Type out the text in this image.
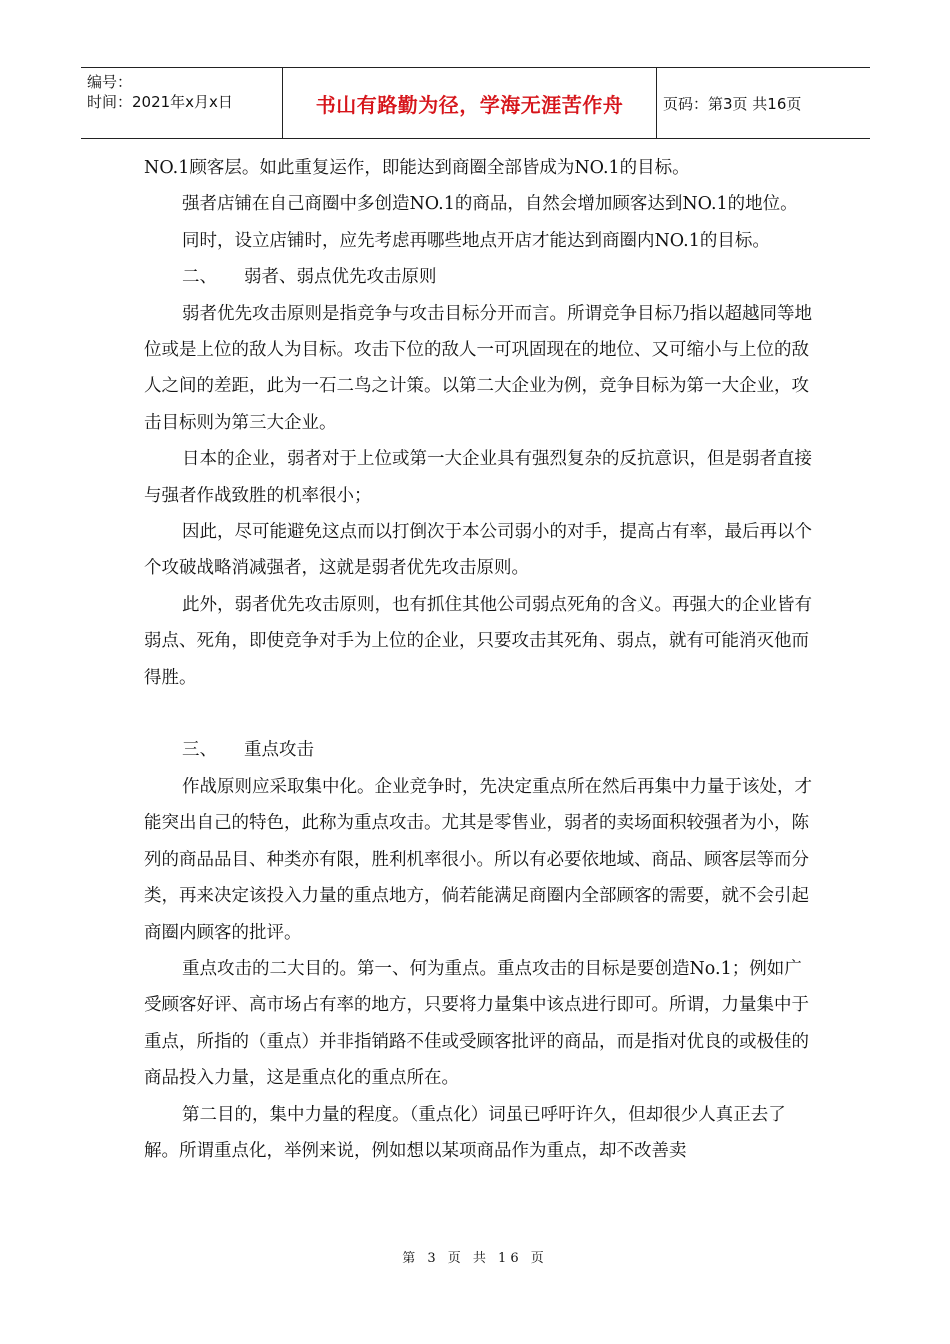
编号：
时间：2021年x月x日	书山有路勤为径，学海无涯苦作舟	页码：第3页 共16页

NO.1顾客层。如此重复运作，即能达到商圈全部皆成为NO.1的目标。

强者店铺在自己商圈中多创造NO.1的商品，自然会增加顾客达到NO.1的地位。

同时，设立店铺时，应先考虑再哪些地点开店才能达到商圈内NO.1的目标。

二、 弱者、弱点优先攻击原则

弱者优先攻击原则是指竞争与攻击目标分开而言。所谓竞争目标乃指以超越同等地位或是上位的敌人为目标。攻击下位的敌人一可巩固现在的地位、又可缩小与上位的敌人之间的差距，此为一石二鸟之计策。以第二大企业为例，竞争目标为第一大企业，攻击目标则为第三大企业。

日本的企业，弱者对于上位或第一大企业具有强烈复杂的反抗意识，但是弱者直接与强者作战致胜的机率很小；

因此，尽可能避免这点而以打倒次于本公司弱小的对手，提高占有率，最后再以个个攻破战略消减强者，这就是弱者优先攻击原则。

此外，弱者优先攻击原则，也有抓住其他公司弱点死角的含义。再强大的企业皆有弱点、死角，即使竞争对手为上位的企业，只要攻击其死角、弱点，就有可能消灭他而得胜。

三、 重点攻击

作战原则应采取集中化。企业竞争时，先决定重点所在然后再集中力量于该处，才能突出自己的特色，此称为重点攻击。尤其是零售业，弱者的卖场面积较强者为小，陈列的商品品目、种类亦有限，胜利机率很小。所以有必要依地域、商品、顾客层等而分类，再来决定该投入力量的重点地方，倘若能满足商圈内全部顾客的需要，就不会引起商圈内顾客的批评。

重点攻击的二大目的。第一、何为重点。重点攻击的目标是要创造No.1；例如广受顾客好评、高市场占有率的地方，只要将力量集中该点进行即可。所谓，力量集中于重点，所指的（重点）并非指销路不佳或受顾客批评的商品，而是指对优良的或极佳的商品投入力量，这是重点化的重点所在。

第二目的，集中力量的程度。（重点化）词虽已呼吁许久，但却很少人真正去了解。所谓重点化，举例来说，例如想以某项商品作为重点，却不改善卖

第 3 页 共 16 页
